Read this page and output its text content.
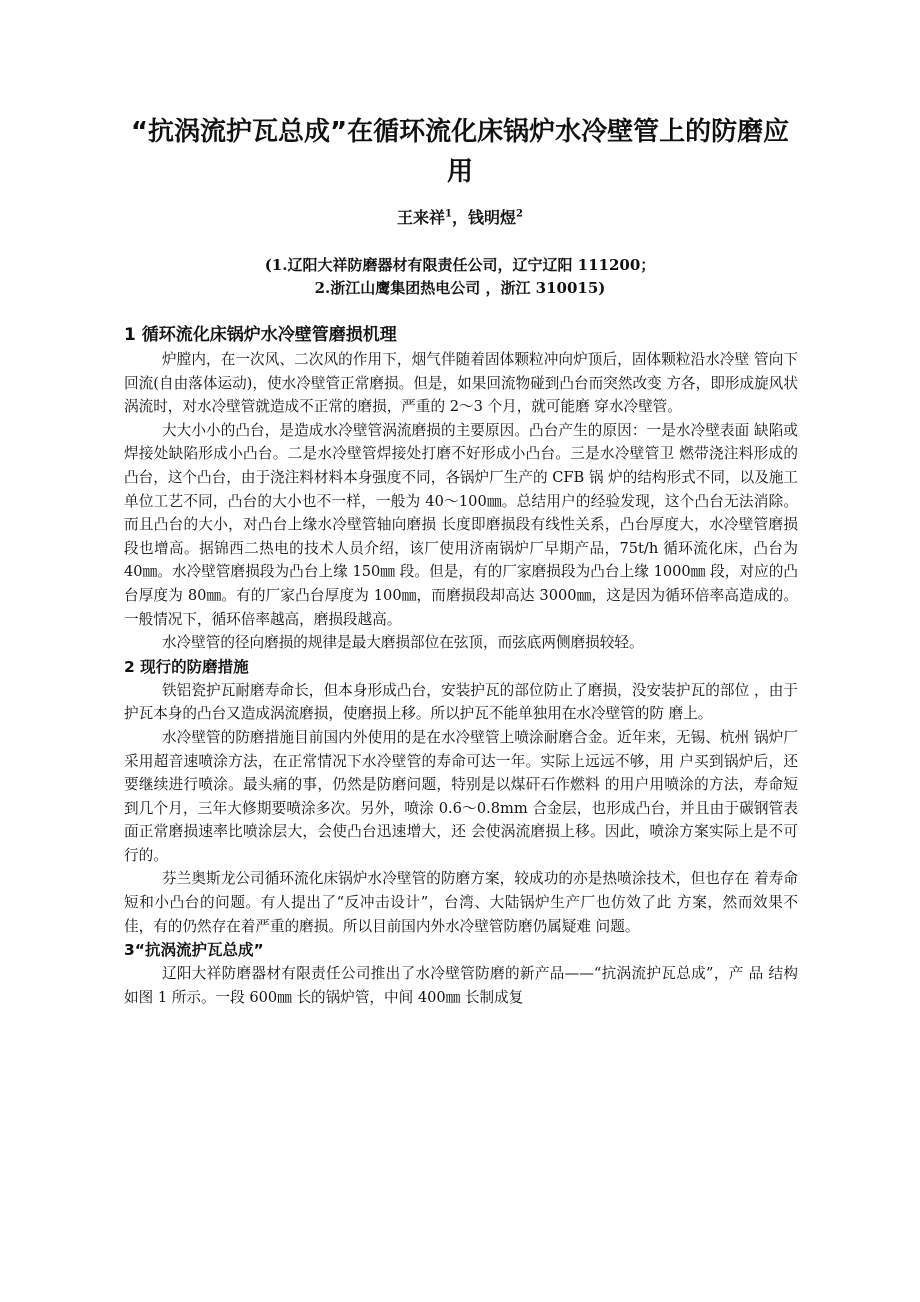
“抗涡流护瓦总成”在循环流化床锅炉水冷壁管上的防磨应用
王来祥$^1$，钱明煜$^2$
(1.辽阳大祥防磨器材有限责任公司，辽宁辽阳 111200；
2.浙江山鹰集团热电公司 ，浙江 310015)
1 循环流化床锅炉水冷壁管磨损机理

炉膛内，在一次风、二次风的作用下，烟气伴随着固体颗粒冲向炉顶后，固体颗粒沿水冷壁 管向下回流(自由落体运动)，使水冷壁管正常磨损。但是，如果回流物碰到凸台而突然改变 方各，即形成旋风状涡流时，对水冷壁管就造成不正常的磨损，严重的 2～3 个月，就可能磨 穿水冷壁管。

大大小小的凸台，是造成水冷壁管涡流磨损的主要原因。凸台产生的原因：一是水冷壁表面 缺陷或焊接处缺陷形成小凸台。二是水冷壁管焊接处打磨不好形成小凸台。三是水冷壁管卫 燃带浇注料形成的凸台，这个凸台，由于浇注料材料本身强度不同，各锅炉厂生产的 CFB 锅 炉的结构形式不同，以及施工单位工艺不同，凸台的大小也不一样，一般为 40～100㎜。总结用户的经验发现，这个凸台无法消除。而且凸台的大小，对凸台上缘水冷壁管轴向磨损 长度即磨损段有线性关系，凸台厚度大，水冷壁管磨损段也增高。据锦西二热电的技术人员介绍，该厂使用济南锅炉厂早期产品，75t/h 循环流化床，凸台为 40㎜。水冷壁管磨损段为凸台上缘 150㎜ 段。但是，有的厂家磨损段为凸台上缘 1000㎜ 段，对应的凸台厚度为 80㎜。有的厂家凸台厚度为 100㎜，而磨损段却高达 3000㎜，这是因为循环倍率高造成的。一般情况下，循环倍率越高，磨损段越高。

水冷壁管的径向磨损的规律是最大磨损部位在弦顶，而弦底两侧磨损较轻。

2 现行的防磨措施

铁铝瓷护瓦耐磨寿命长，但本身形成凸台，安装护瓦的部位防止了磨损，没安装护瓦的部位 ，由于护瓦本身的凸台又造成涡流磨损，使磨损上移。所以护瓦不能单独用在水冷壁管的防 磨上。

水冷壁管的防磨措施目前国内外使用的是在水冷壁管上喷涂耐磨合金。近年来，无锡、杭州 锅炉厂采用超音速喷涂方法，在正常情况下水冷壁管的寿命可达一年。实际上远远不够，用 户买到锅炉后，还要继续进行喷涂。最头痛的事，仍然是防磨问题，特别是以煤矸石作燃料 的用户用喷涂的方法，寿命短到几个月，三年大修期要喷涂多次。另外，喷涂 0.6～0.8mm 合金层，也形成凸台，并且由于碳钢管表面正常磨损速率比喷涂层大，会使凸台迅速增大，还 会使涡流磨损上移。因此，喷涂方案实际上是不可行的。

芬兰奥斯龙公司循环流化床锅炉水冷壁管的防磨方案，较成功的亦是热喷涂技术，但也存在 着寿命短和小凸台的问题。有人提出了“反冲击设计”，台湾、大陆锅炉生产厂也仿效了此 方案，然而效果不佳，有的仍然存在着严重的磨损。所以目前国内外水冷壁管防磨仍属疑难 问题。

3“抗涡流护瓦总成”

辽阳大祥防磨器材有限责任公司推出了水冷壁管防磨的新产品——“抗涡流护瓦总成”，产 品 结构如图 1 所示。一段 600㎜ 长的锅炉管，中间 400㎜ 长制成复
